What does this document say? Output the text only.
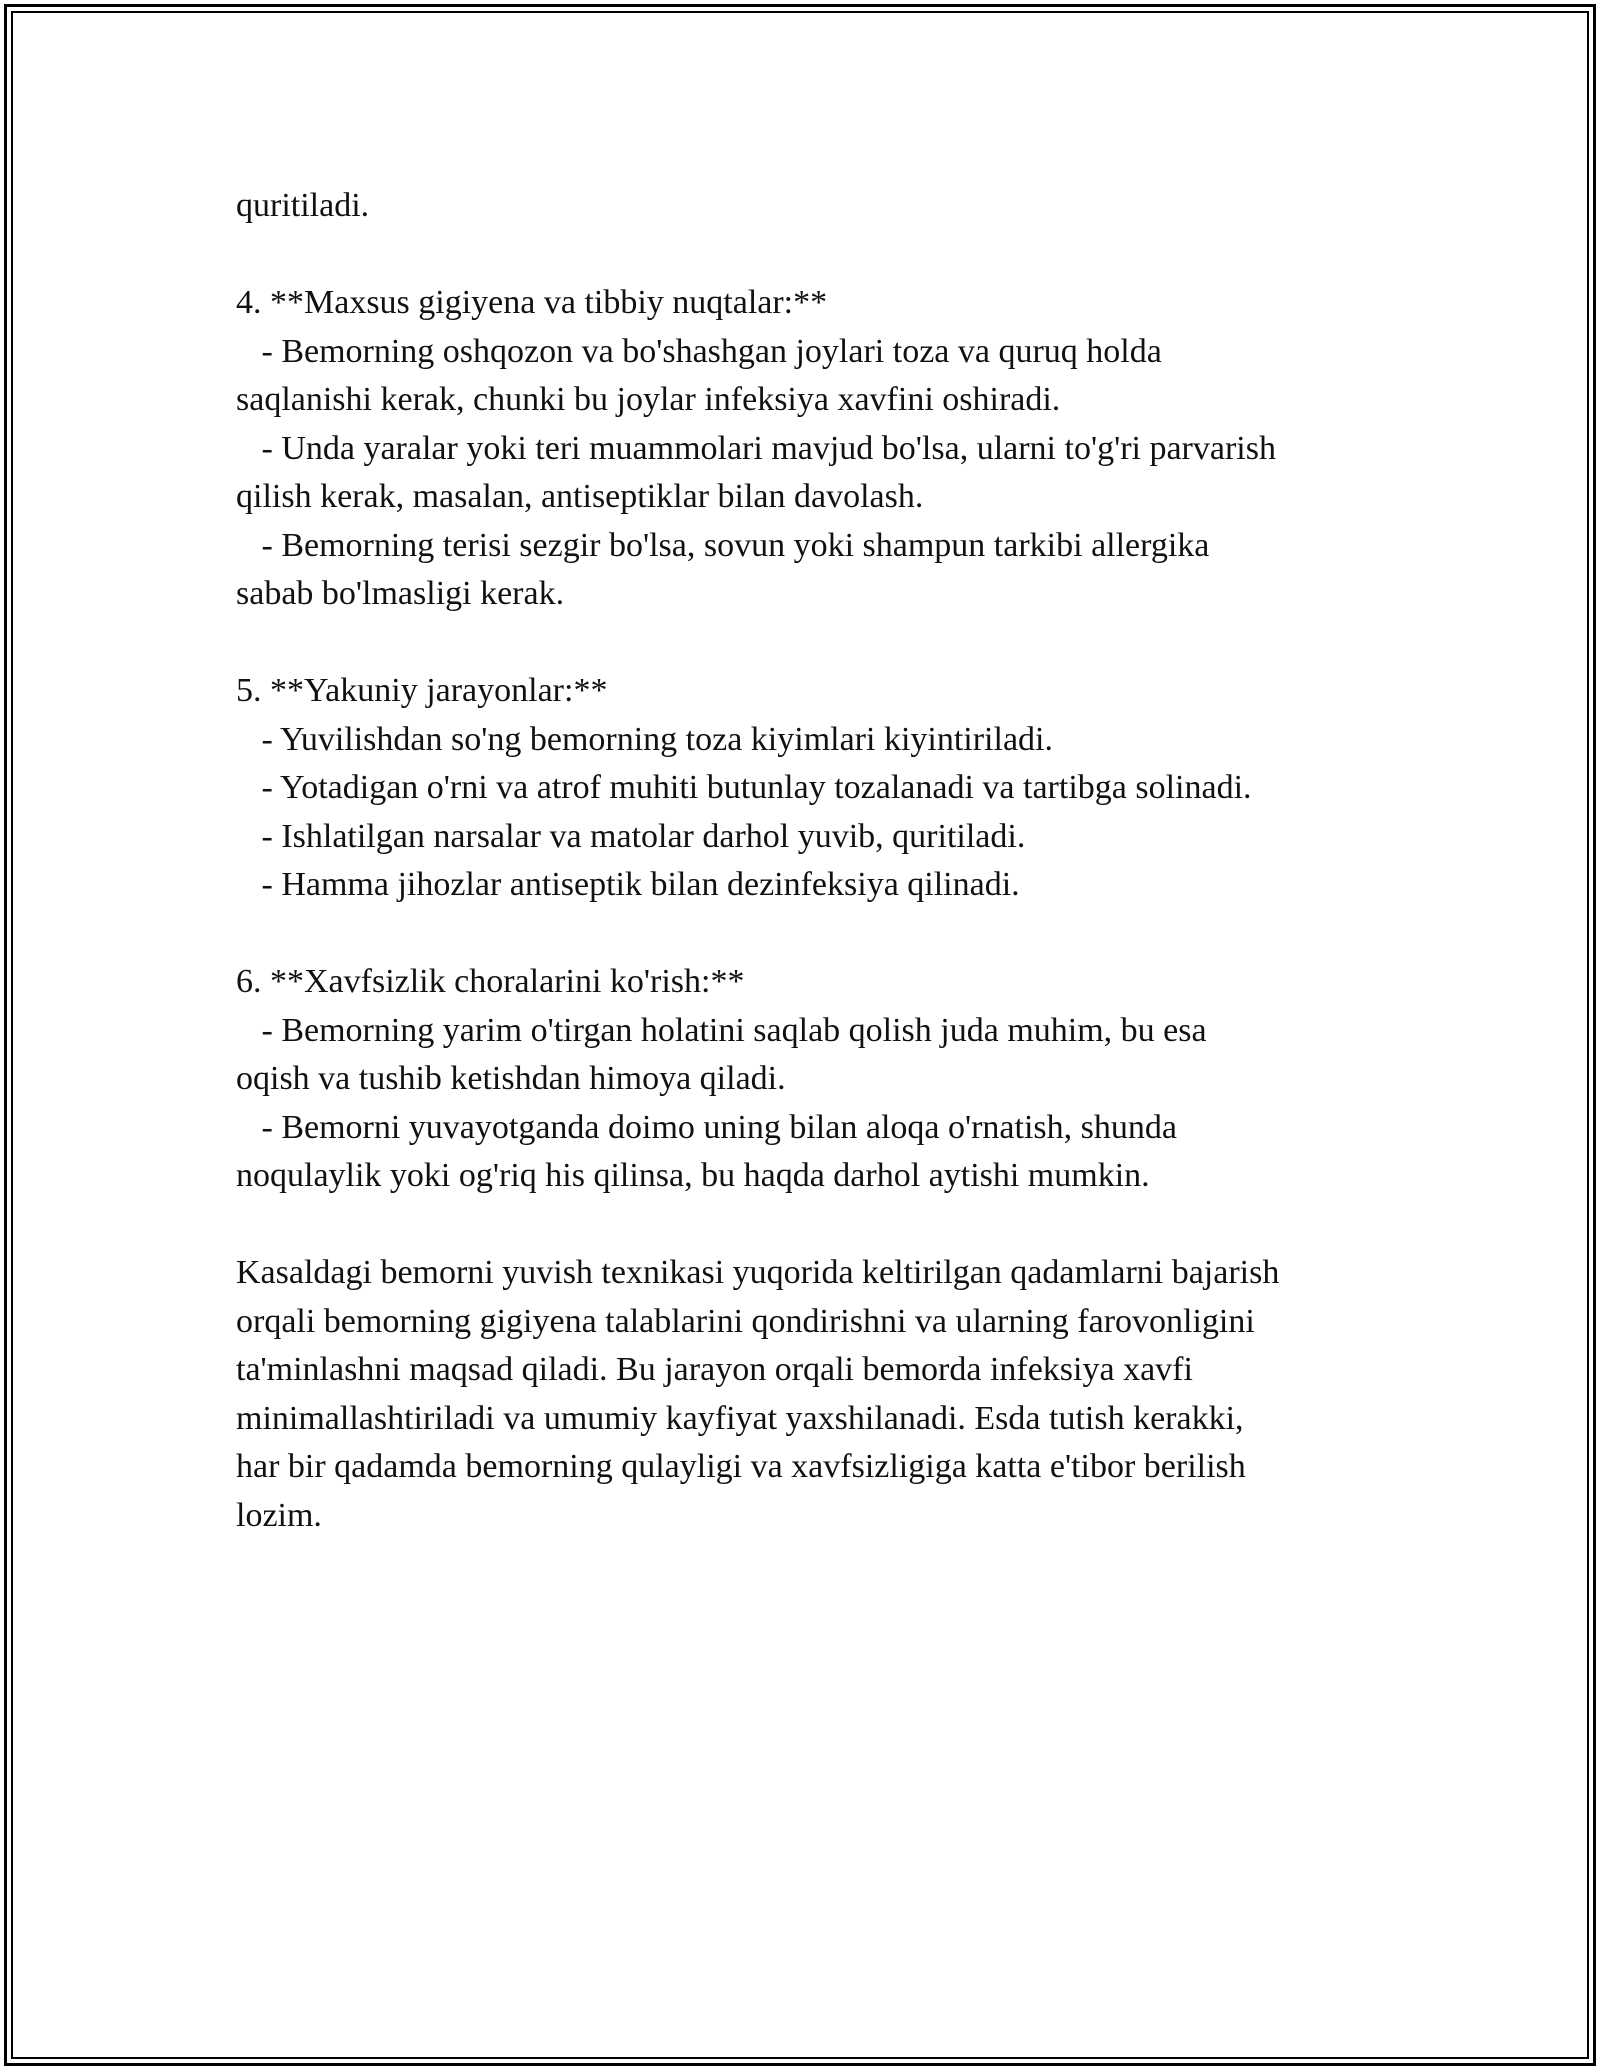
quritiladi.
4. **Maxsus gigiyena va tibbiy nuqtalar:**
- Bemorning oshqozon va bo'shashgan joylari toza va quruq holda
saqlanishi kerak, chunki bu joylar infeksiya xavfini oshiradi.
- Unda yaralar yoki teri muammolari mavjud bo'lsa, ularni to'g'ri parvarish
qilish kerak, masalan, antiseptiklar bilan davolash.
- Bemorning terisi sezgir bo'lsa, sovun yoki shampun tarkibi allergika
sabab bo'lmasligi kerak.
5. **Yakuniy jarayonlar:**
- Yuvilishdan so'ng bemorning toza kiyimlari kiyintiriladi.
- Yotadigan o'rni va atrof muhiti butunlay tozalanadi va tartibga solinadi.
- Ishlatilgan narsalar va matolar darhol yuvib, quritiladi.
- Hamma jihozlar antiseptik bilan dezinfeksiya qilinadi.
6. **Xavfsizlik choralarini ko'rish:**
- Bemorning yarim o'tirgan holatini saqlab qolish juda muhim, bu esa
oqish va tushib ketishdan himoya qiladi.
- Bemorni yuvayotganda doimo uning bilan aloqa o'rnatish, shunda
noqulaylik yoki og'riq his qilinsa, bu haqda darhol aytishi mumkin.
Kasaldagi bemorni yuvish texnikasi yuqorida keltirilgan qadamlarni bajarish
orqali bemorning gigiyena talablarini qondirishni va ularning farovonligini
ta'minlashni maqsad qiladi. Bu jarayon orqali bemorda infeksiya xavfi
minimallashtiriladi va umumiy kayfiyat yaxshilanadi. Esda tutish kerakki,
har bir qadamda bemorning qulayligi va xavfsizligiga katta e'tibor berilish
lozim.
